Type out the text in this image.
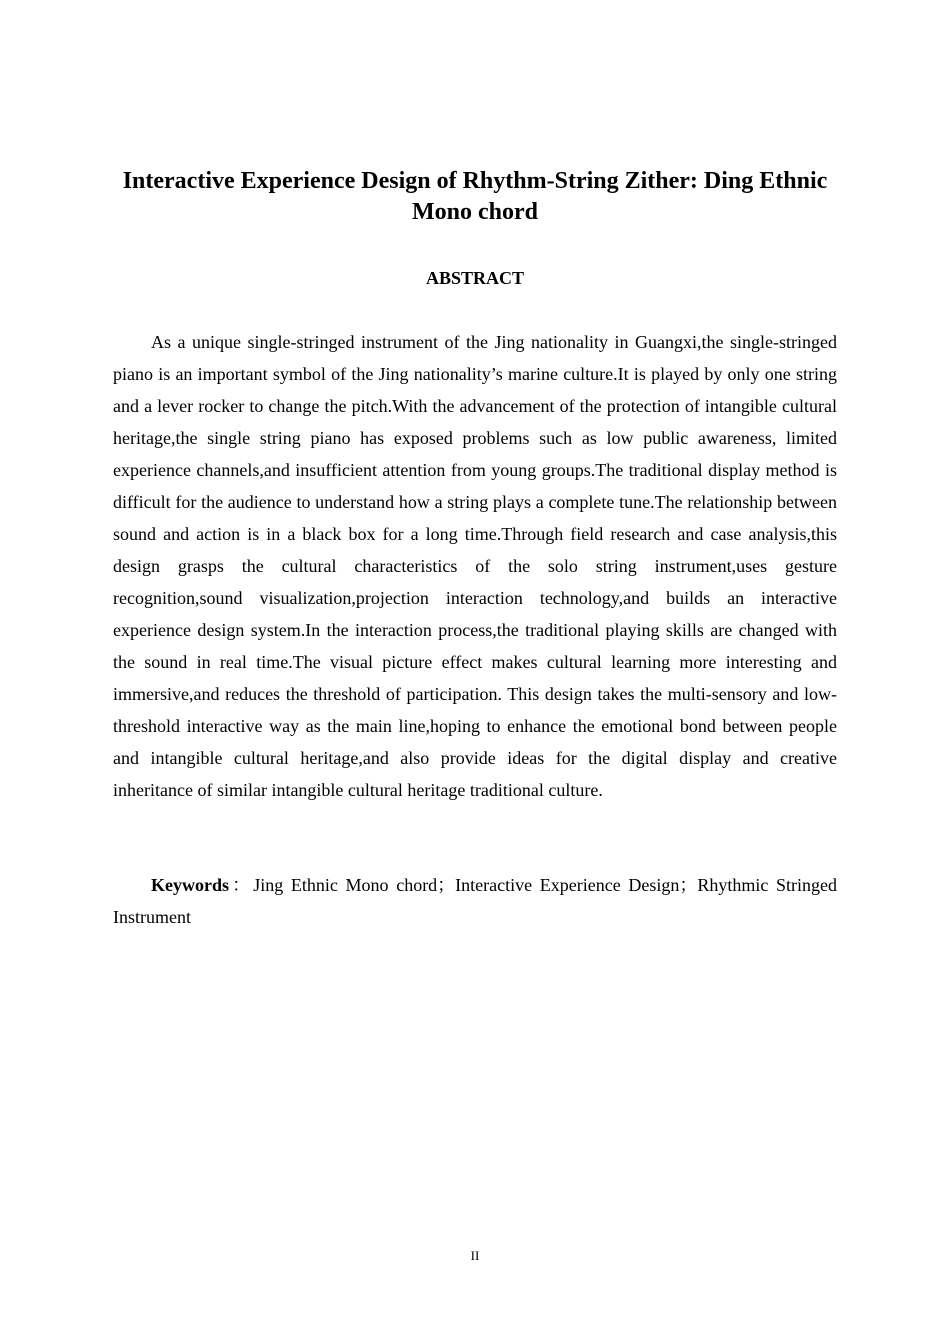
Interactive Experience Design of Rhythm-String Zither: Ding Ethnic Mono chord
ABSTRACT

As a unique single-stringed instrument of the Jing nationality in Guangxi,the single-stringed piano is an important symbol of the Jing nationality’s marine culture.It is played by only one string and a lever rocker to change the pitch.With the advancement of the protection of intangible cultural heritage,the single string piano has exposed problems such as low public awareness, limited experience channels,and insufficient attention from young groups.The traditional display method is difficult for the audience to understand how a string plays a complete tune.The relationship between sound and action is in a black box for a long time.Through field research and case analysis,this design grasps the cultural characteristics of the solo string instrument,uses gesture recognition,sound visualization,projection interaction technology,and builds an interactive experience design system.In the interaction process,the traditional playing skills are changed with the sound in real time.The visual picture effect makes cultural learning more interesting and immersive,and reduces the threshold of participation. This design takes the multi-sensory and low-threshold interactive way as the main line,hoping to enhance the emotional bond between people and intangible cultural heritage,and also provide ideas for the digital display and creative inheritance of similar intangible cultural heritage traditional culture.

Keywords：Jing Ethnic Mono chord；Interactive Experience Design；Rhythmic Stringed Instrument

II
